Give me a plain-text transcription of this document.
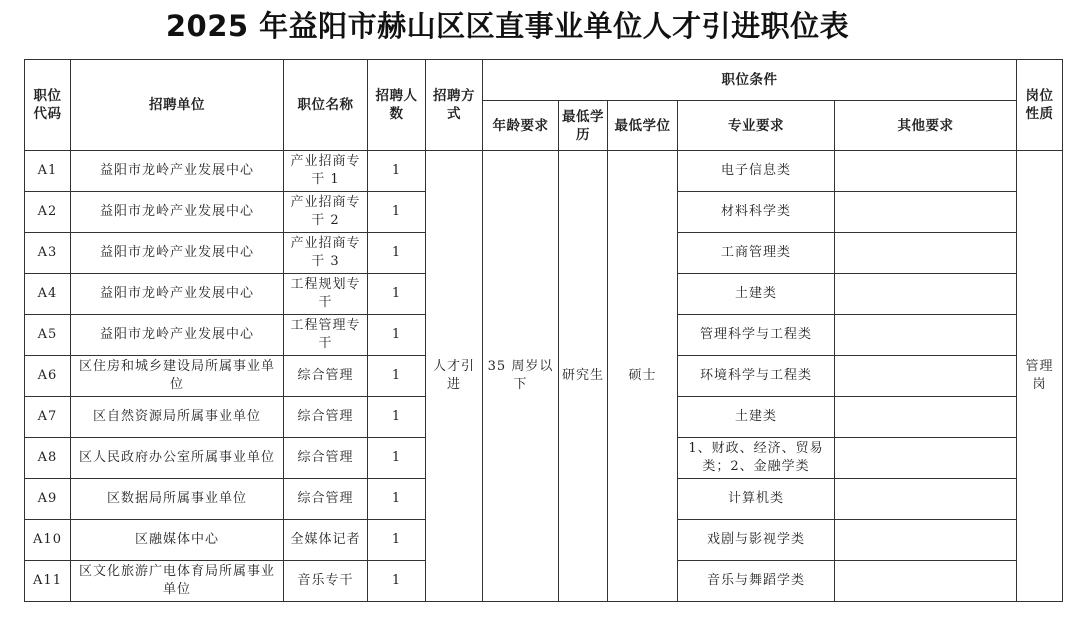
2025 年益阳市赫山区区直事业单位人才引进职位表
职位代码	招聘单位	职位名称	招聘人数	招聘方式	职位条件					岗位性质
					年龄要求	最低学历	最低学位	专业要求	其他要求	
A1	益阳市龙岭产业发展中心	产业招商专干 1	1	人才引进	35 周岁以下	研究生	硕士	电子信息类		管理岗
A2	益阳市龙岭产业发展中心	产业招商专干 2	1					材料科学类		
A3	益阳市龙岭产业发展中心	产业招商专干 3	1					工商管理类		
A4	益阳市龙岭产业发展中心	工程规划专干	1					土建类		
A5	益阳市龙岭产业发展中心	工程管理专干	1					管理科学与工程类		
A6	区住房和城乡建设局所属事业单位	综合管理	1					环境科学与工程类		
A7	区自然资源局所属事业单位	综合管理	1					土建类		
A8	区人民政府办公室所属事业单位	综合管理	1					1、财政、经济、贸易类；2、金融学类		
A9	区数据局所属事业单位	综合管理	1					计算机类		
A10	区融媒体中心	全媒体记者	1					戏剧与影视学类		
A11	区文化旅游广电体育局所属事业单位	音乐专干	1					音乐与舞蹈学类		
